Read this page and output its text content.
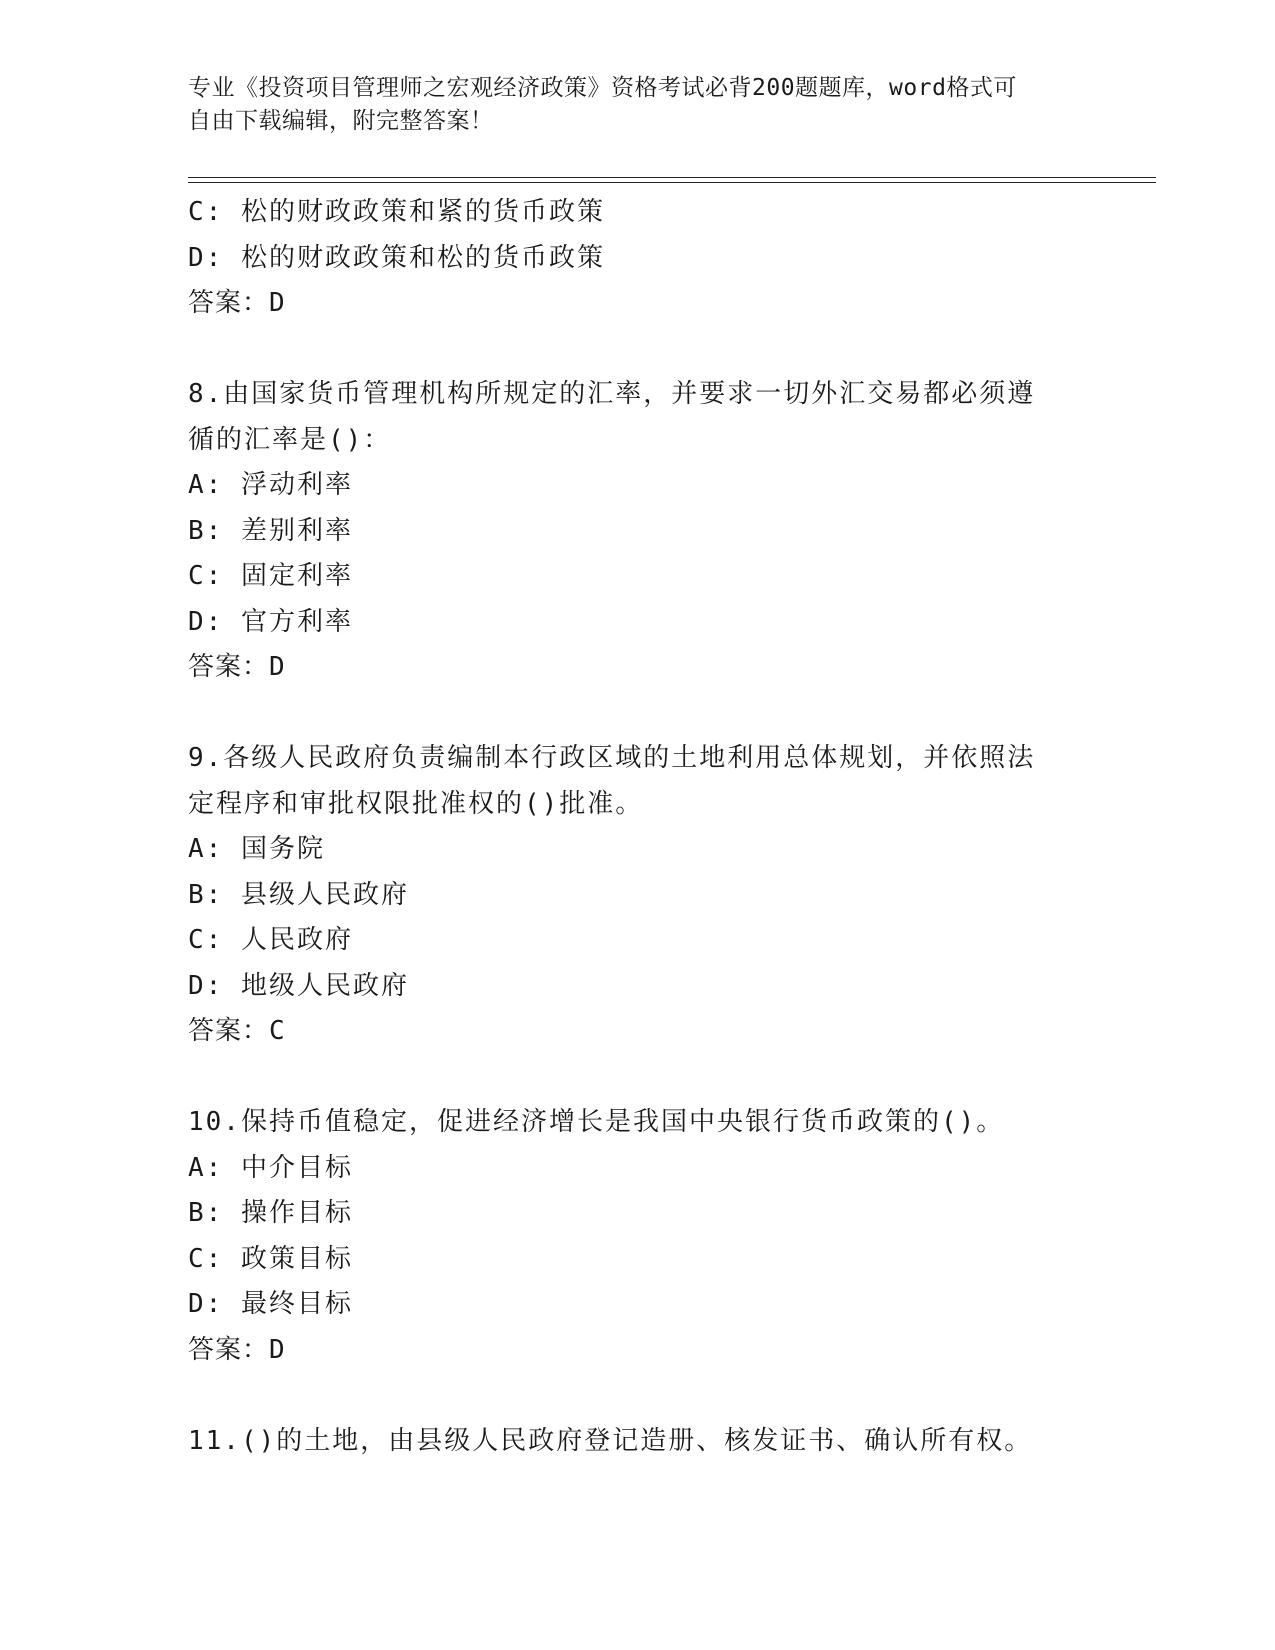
专业《投资项目管理师之宏观经济政策》资格考试必背200题题库，word格式可
自由下载编辑，附完整答案！
C: 松的财政政策和紧的货币政策
D: 松的财政政策和松的货币政策
答案：D
8.由国家货币管理机构所规定的汇率，并要求一切外汇交易都必须遵
循的汇率是()：
A: 浮动利率
B: 差别利率
C: 固定利率
D: 官方利率
答案：D
9.各级人民政府负责编制本行政区域的土地利用总体规划，并依照法
定程序和审批权限批准权的()批准。
A: 国务院
B: 县级人民政府
C: 人民政府
D: 地级人民政府
答案：C
10.保持币值稳定，促进经济增长是我国中央银行货币政策的()。
A: 中介目标
B: 操作目标
C: 政策目标
D: 最终目标
答案：D
11.()的土地，由县级人民政府登记造册、核发证书、确认所有权。
